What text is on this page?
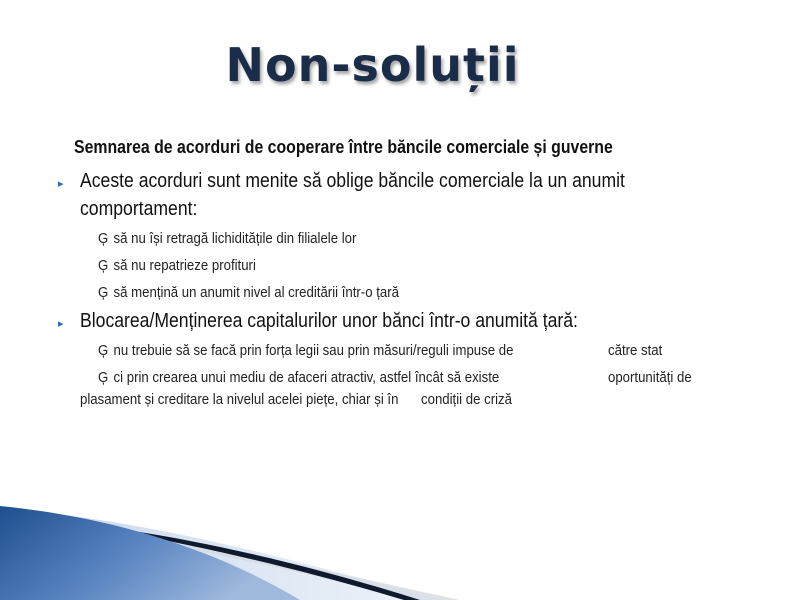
Non-soluții
Semnarea de acorduri de cooperare între băncile comerciale și guverne
▸ Aceste acorduri sunt menite să oblige băncile comerciale la un anumit
comportament:
Ģ să nu își retragă lichiditățile din filialele lor
Ģ să nu repatrieze profituri
Ģ să mențină un anumit nivel al creditării într-o țară
▸ Blocarea/Menținerea capitalurilor unor bănci într-o anumită țară:
Ģ nu trebuie să se facă prin forța legii sau prin măsuri/reguli impuse de	către stat
Ģ ci prin crearea unui mediu de afaceri atractiv, astfel încât să existe	oportunități de
plasament și creditare la nivelul acelei piețe, chiar și în condiții de criză
